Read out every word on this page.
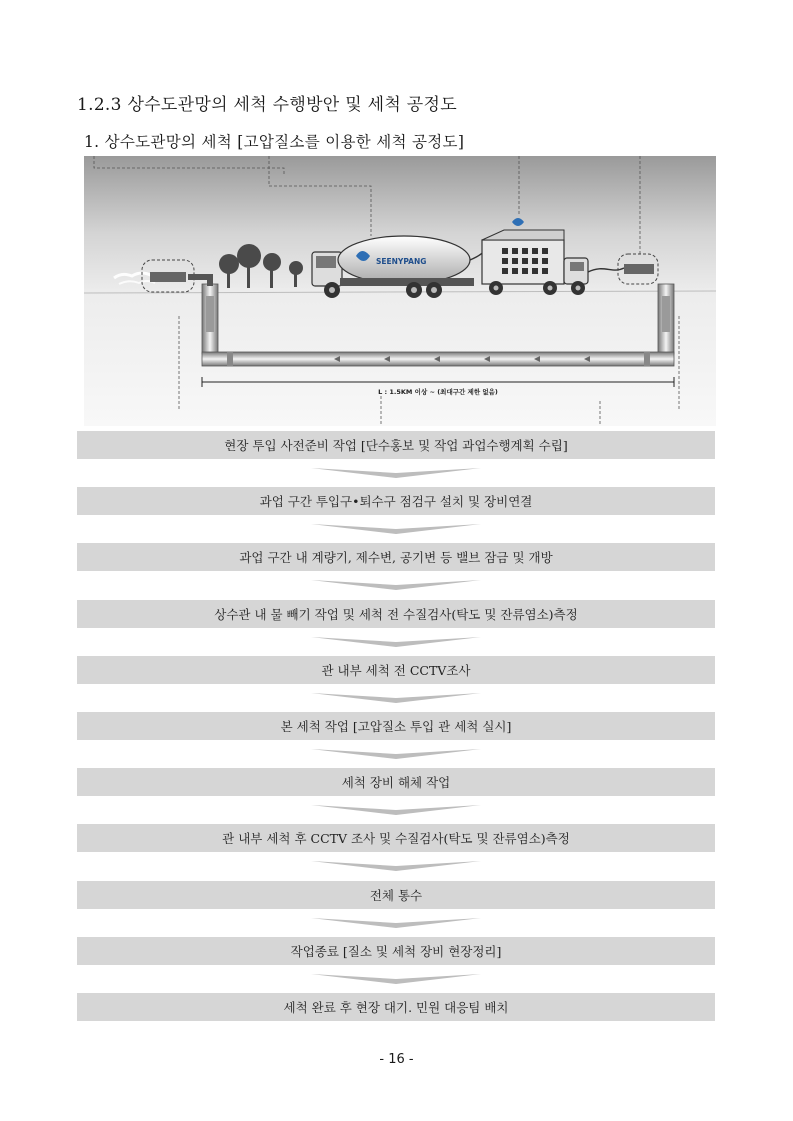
1.2.3 상수도관망의 세척 수행방안 및 세척 공정도
1. 상수도관망의 세척 [고압질소를 이용한 세척 공정도]
SEENYPANG
L : 1.5KM 이상 ~ (최대구간 제한 없음)
현장 투입 사전준비 작업 [단수홍보 및 작업 과업수행계획 수립]
과업 구간 투입구•퇴수구 점검구 설치 및 장비연결
과업 구간 내 계량기, 제수변, 공기변 등 밸브 잠금 및 개방
상수관 내 물 빼기 작업 및 세척 전 수질검사(탁도 및 잔류염소)측정
관 내부 세척 전 CCTV조사
본 세척 작업 [고압질소 투입 관 세척 실시]
세척 장비 해체 작업
관 내부 세척 후 CCTV 조사 및 수질검사(탁도 및 잔류염소)측정
전체 통수
작업종료 [질소 및 세척 장비 현장정리]
세척 완료 후 현장 대기. 민원 대응팀 배치
- 16 -
